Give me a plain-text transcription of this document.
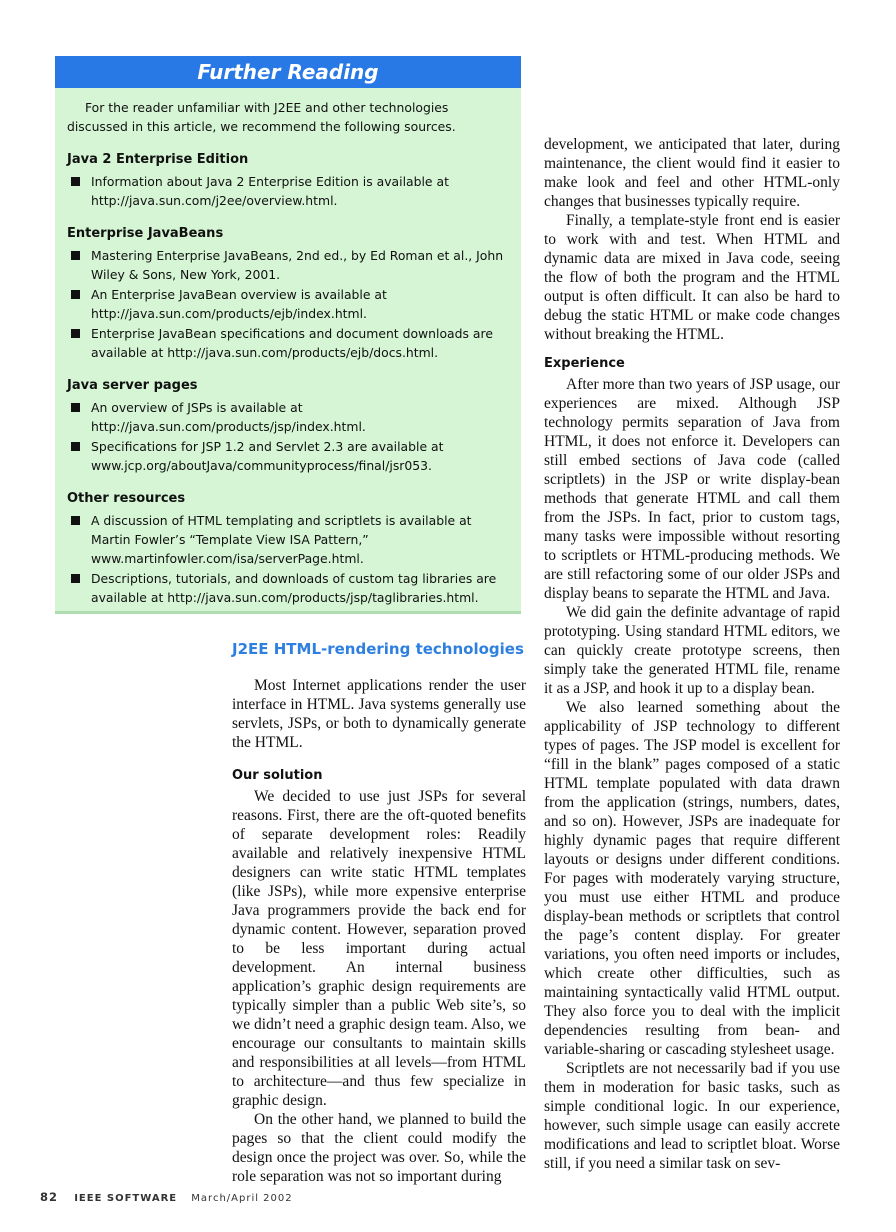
Further Reading

For the reader unfamiliar with J2EE and other technologies discussed in this article, we recommend the following sources.

Java 2 Enterprise Edition
Information about Java 2 Enterprise Edition is available at http://java.sun.com/j2ee/overview.html.
Enterprise JavaBeans
Mastering Enterprise JavaBeans, 2nd ed., by Ed Roman et al., John Wiley & Sons, New York, 2001.
An Enterprise JavaBean overview is available at http://java.sun.com/products/ejb/index.html.
Enterprise JavaBean specifications and document downloads are available at http://java.sun.com/products/ejb/docs.html.
Java server pages
An overview of JSPs is available at http://java.sun.com/products/jsp/index.html.
Specifications for JSP 1.2 and Servlet 2.3 are available at www.jcp.org/aboutJava/communityprocess/final/jsr053.
Other resources
A discussion of HTML templating and scriptlets is available at Martin Fowler’s “Template View ISA Pattern,” www.martinfowler.com/isa/serverPage.html.
Descriptions, tutorials, and downloads of custom tag libraries are available at http://java.sun.com/products/jsp/taglibraries.html.
J2EE HTML-rendering technologies

Most Internet applications render the user interface in HTML. Java systems generally use servlets, JSPs, or both to dynamically generate the HTML.

Our solution

We decided to use just JSPs for several reasons. First, there are the oft-quoted benefits of separate development roles: Readily available and relatively inexpensive HTML designers can write static HTML templates (like JSPs), while more expensive enterprise Java programmers provide the back end for dynamic content. However, separation proved to be less important during actual development. An internal business application’s graphic design requirements are typically simpler than a public Web site’s, so we didn’t need a graphic design team. Also, we encourage our consultants to maintain skills and responsibilities at all levels—from HTML to architecture—and thus few specialize in graphic design.

On the other hand, we planned to build the pages so that the client could modify the design once the project was over. So, while the role separation was not so important during

development, we anticipated that later, during maintenance, the client would find it easier to make look and feel and other HTML-only changes that businesses typically require.

Finally, a template-style front end is easier to work with and test. When HTML and dynamic data are mixed in Java code, seeing the flow of both the program and the HTML output is often difficult. It can also be hard to debug the static HTML or make code changes without breaking the HTML.

Experience

After more than two years of JSP usage, our experiences are mixed. Although JSP technology permits separation of Java from HTML, it does not enforce it. Developers can still embed sections of Java code (called scriptlets) in the JSP or write display-bean methods that generate HTML and call them from the JSPs. In fact, prior to custom tags, many tasks were impossible without resorting to scriptlets or HTML-producing methods. We are still refactoring some of our older JSPs and display beans to separate the HTML and Java.

We did gain the definite advantage of rapid prototyping. Using standard HTML editors, we can quickly create prototype screens, then simply take the generated HTML file, rename it as a JSP, and hook it up to a display bean.

We also learned something about the applicability of JSP technology to different types of pages. The JSP model is excellent for “fill in the blank” pages composed of a static HTML template populated with data drawn from the application (strings, numbers, dates, and so on). However, JSPs are inadequate for highly dynamic pages that require different layouts or designs under different conditions. For pages with moderately varying structure, you must use either HTML and produce display-bean methods or scriptlets that control the page’s content display. For greater variations, you often need imports or includes, which create other difficulties, such as maintaining syntactically valid HTML output. They also force you to deal with the implicit dependencies resulting from bean- and variable-sharing or cascading stylesheet usage.

Scriptlets are not necessarily bad if you use them in moderation for basic tasks, such as simple conditional logic. In our experience, however, such simple usage can easily accrete modifications and lead to scriptlet bloat. Worse still, if you need a similar task on sev-

82 IEEE SOFTWARE March/April 2002
